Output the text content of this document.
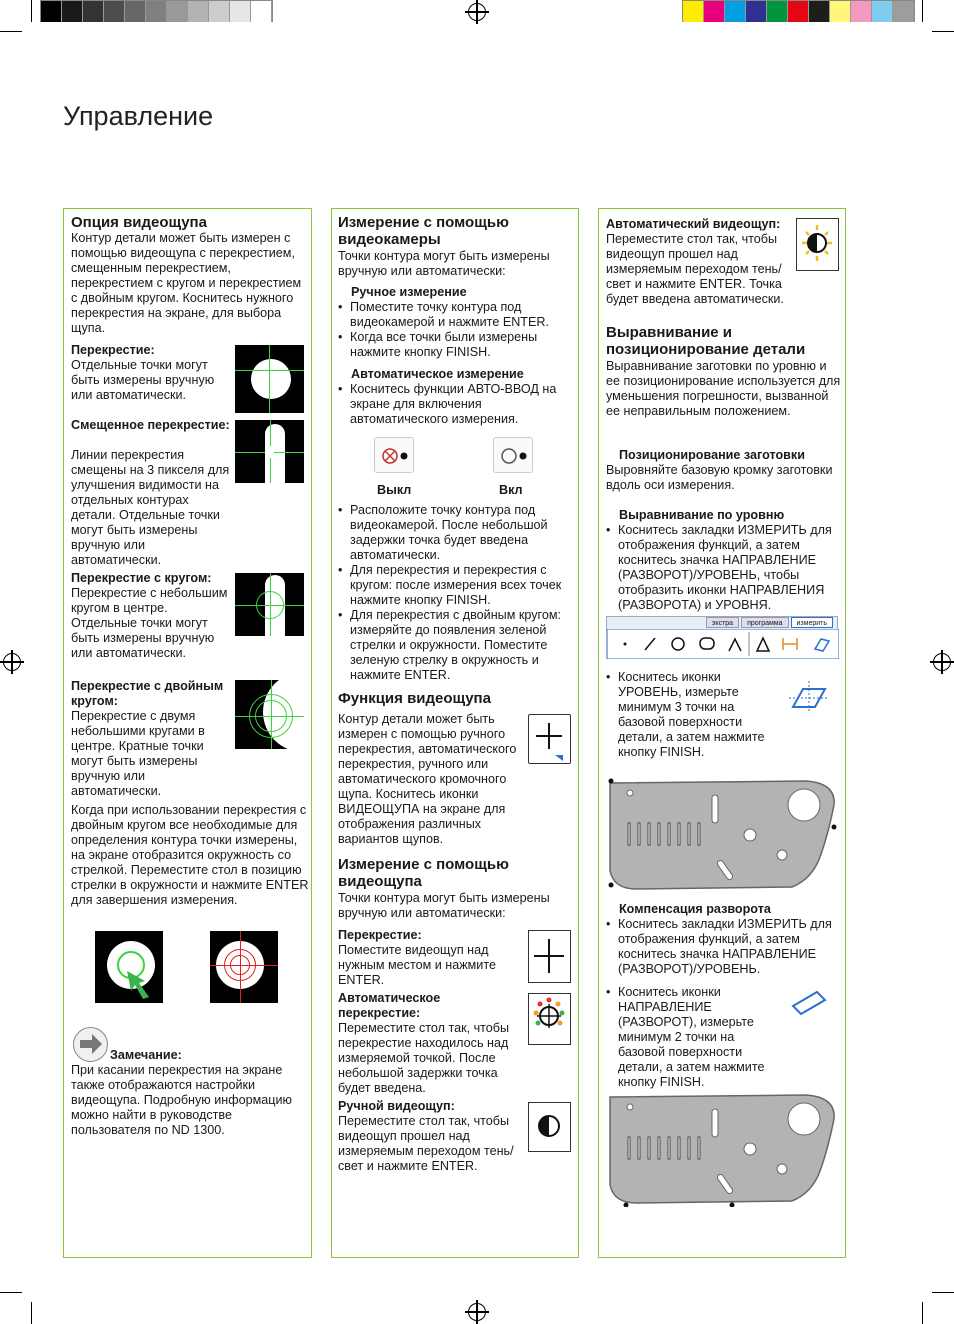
Управление
Опция видеощупа

Контур детали может быть измерен с помощью видеощупа с перекрестием, смещенным перекрестием, перекрестием с кругом и перекрестием с двойным кругом. Коснитесь нужного перекрестия на экране, для выбора щупа.

Перекрестие:

Отдельные точки могут быть измерены вручную или автоматически.

Смещенное перекрестие:

Линии перекрестия смещены на 3 пикселя для улучшения видимости на отдельных контурах детали. Отдельные точки могут быть измерены вручную или автоматически.

Перекрестие с кругом:

Перекрестие с небольшим кругом в центре. Отдельные точки могут быть измерены вручную или автоматически.

Перекрестие с двойным кругом:

Перекрестие с двумя небольшими кругами в центре. Кратные точки могут быть измерены вручную или автоматически.

Когда при использовании перекрестия с двойным кругом все необходимые для определения контура точки измерены, на экране отобразится окружность со стрелкой. Переместите стол в позицию стрелки в окружности и нажмите ENTER для завершения измерения.

Замечание:

При касании перекрестия на экране также отображаются настройки видеощупа. Подробную информацию можно найти в руководстве пользователя по ND 1300.

Измерение с помощью видеокамеры

Точки контура могут быть измерены вручную или автоматически:

Ручное измерение
• Поместите точку контура под видеокамерой и нажмите ENTER.
• Когда все точки были измерены нажмите кнопку FINISH.
Автоматическое измерение
• Коснитесь функции АВТО-ВВОД на экране для включения автоматического измерения.
Выкл	Вкл
• Расположите точку контура под видеокамерой. После небольшой задержки точка будет введена автоматически.
• Для перекрестия и перекрестия с кругом: после измерения всех точек нажмите кнопку FINISH.
• Для перекрестия с двойным кругом: измеряйте до появления зеленой стрелки и окружности. Поместите зеленую стрелку в окружность и нажмите ENTER.
Функция видеощупа

Контур детали может быть измерен с помощью ручного перекрестия, автоматического перекрестия, ручного или автоматического кромочного щупа. Коснитесь иконки ВИДЕОЩУПА на экране для отображения различных вариантов щупов.

Измерение с помощью видеощупа

Точки контура могут быть измерены вручную или автоматически:

Перекрестие:

Поместите видеощуп над нужным местом и нажмите ENTER.

Автоматическое перекрестие:

Переместите стол так, чтобы перекрестие находилось над измеряемой точкой. После небольшой задержки точка будет введена.

Ручной видеощуп:

Переместите стол так, чтобы видеощуп прошел над измеряемым переходом тень/свет и нажмите ENTER.

Автоматический видеощуп:

Переместите стол так, чтобы видеощуп прошел над измеряемым переходом тень/свет и нажмите ENTER. Точка будет введена автоматически.

Выравнивание и позиционирование детали

Выравнивание заготовки по уровню и ее позиционирование используется для уменьшения погрешности, вызванной ее неправильным положением.

Позиционирование заготовки

Выровняйте базовую кромку заготовки вдоль оси измерения.

Выравнивание по уровню
• Коснитесь закладки ИЗМЕРИТЬ для отображения функций, а затем коснитесь значка НАПРАВЛЕНИЕ (РАЗВОРОТ)/УРОВЕНЬ, чтобы отобразить иконки НАПРАВЛЕНИЯ (РАЗВОРОТА) и УРОВНЯ.
экстра	программа	измерить
• Коснитесь иконки УРОВЕНЬ, измерьте минимум 3 точки на базовой поверхности детали, а затем нажмите кнопку FINISH.
Компенсация разворота
• Коснитесь закладки ИЗМЕРИТЬ для отображения функций, а затем коснитесь значка НАПРАВЛЕНИЕ (РАЗВОРОТ)/УРОВЕНЬ.
• Коснитесь иконки НАПРАВЛЕНИЕ (РАЗВОРОТ), измерьте минимум 2 точки на базовой поверхности детали, а затем нажмите кнопку FINISH.
